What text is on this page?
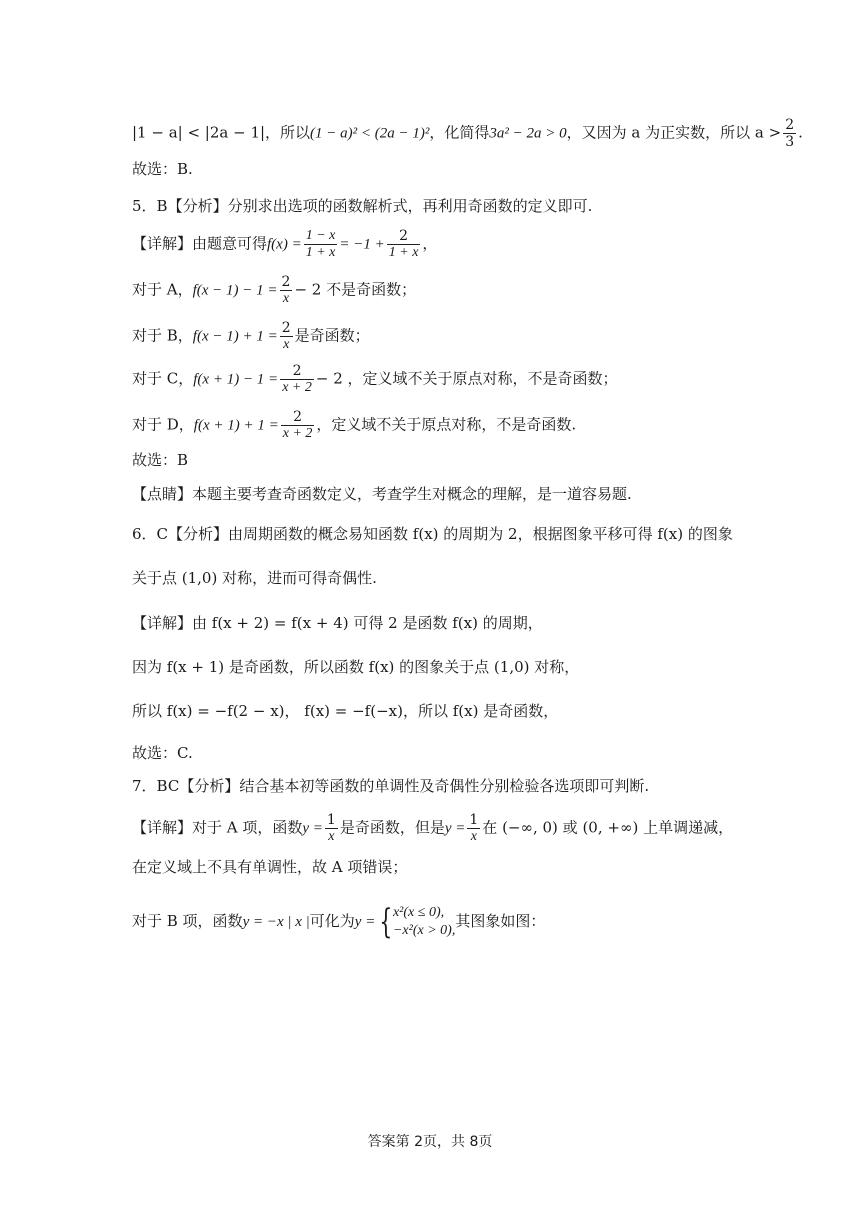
|1 − a| < |2a − 1|，所以(1 − a)² < (2a − 1)²，化简得3a² − 2a > 0，又因为 a 为正实数，所以 $a > \frac{2}{3}$ .
故选：B.
5．B【分析】分别求出选项的函数解析式，再利用奇函数的定义即可.
【详解】由题意可得$f(x) = \frac{1 - x}{1 + x} = -1 + \frac{2}{1 + x}$ ，
对于 A，$f(x - 1) - 1 = \frac{2}{x} - 2$ 不是奇函数；
对于 B，$f(x - 1) + 1 = \frac{2}{x}$ 是奇函数；
对于 C，$f(x + 1) - 1 = \frac{2}{x + 2} - 2$ ，定义域不关于原点对称，不是奇函数；
对于 D，$f(x + 1) + 1 = \frac{2}{x + 2}$ ，定义域不关于原点对称，不是奇函数.
故选：B
【点睛】本题主要考查奇函数定义，考查学生对概念的理解，是一道容易题.
6．C【分析】由周期函数的概念易知函数 f(x) 的周期为 2，根据图象平移可得 f(x) 的图象
关于点 (1,0) 对称，进而可得奇偶性.
【详解】由 f(x + 2) = f(x + 4) 可得 2 是函数 f(x) 的周期，
因为 f(x + 1) 是奇函数，所以函数 f(x) 的图象关于点 (1,0) 对称，
所以 f(x) = −f(2 − x)， f(x) = −f(−x)，所以 f(x) 是奇函数，
故选：C.
7．BC【分析】结合基本初等函数的单调性及奇偶性分别检验各选项即可判断.
【详解】对于 A 项，函数$y = \frac{1}{x}$ 是奇函数，但是$y = \frac{1}{x}$ 在 (−∞, 0) 或 (0, +∞) 上单调递减，
在定义域上不具有单调性，故 A 项错误；
对于 B 项，函数y = −x | x |可化为y = { x²(x ≤ 0),
−x²(x > 0),
其图象如图：
答案第 2页，共 8页
